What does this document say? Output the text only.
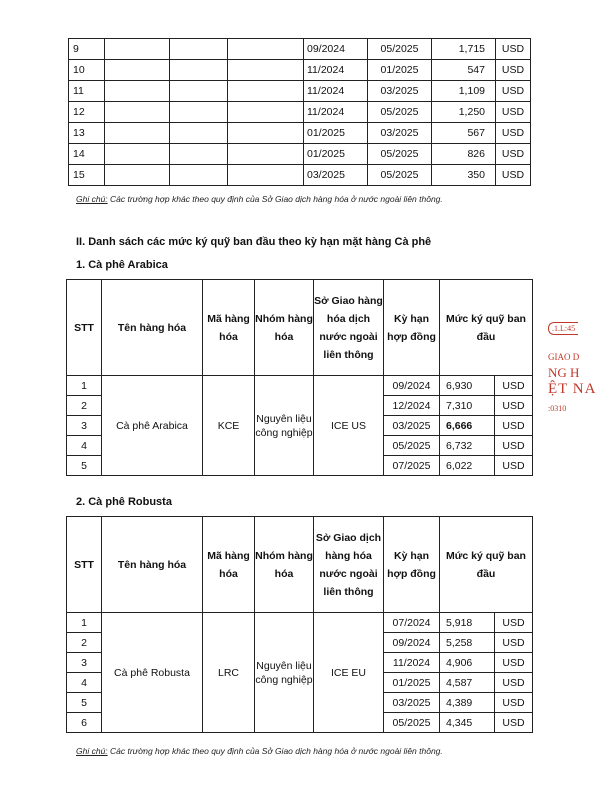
9				09/2024	05/2025	1,715	USD
10				11/2024	01/2025	547	USD
11				11/2024	03/2025	1,109	USD
12				11/2024	05/2025	1,250	USD
13				01/2025	03/2025	567	USD
14				01/2025	05/2025	826	USD
15				03/2025	05/2025	350	USD
Ghi chú: Các trường hợp khác theo quy định của Sở Giao dịch hàng hóa ở nước ngoài liên thông.
II. Danh sách các mức ký quỹ ban đầu theo kỳ hạn mặt hàng Cà phê
1. Cà phê Arabica
STT	Tên hàng hóa	Mã hàng hóa	Nhóm hàng hóa	Sở Giao hàng hóa dịch nước ngoài liên thông	Kỳ hạn hợp đồng	Mức ký quỹ ban đầu	
1	Cà phê Arabica	KCE	Nguyên liệu công nghiệp	ICE US	09/2024	6,930	USD
2					12/2024	7,310	USD
3					03/2025	6,666	USD
4					05/2025	6,732	USD
5					07/2025	6,022	USD
2. Cà phê Robusta
STT	Tên hàng hóa	Mã hàng hóa	Nhóm hàng hóa	Sở Giao dịch hàng hóa nước ngoài liên thông	Kỳ hạn hợp đồng	Mức ký quỹ ban đầu	
1	Cà phê Robusta	LRC	Nguyên liệu công nghiệp	ICE EU	07/2024	5,918	USD
2					09/2024	5,258	USD
3					11/2024	4,906	USD
4					01/2025	4,587	USD
5					03/2025	4,389	USD
6					05/2025	4,345	USD
Ghi chú: Các trường hợp khác theo quy định của Sở Giao dịch hàng hóa ở nước ngoài liên thông.
.1.L:45
GIAO D
NG H
ỆT NA
:0310
